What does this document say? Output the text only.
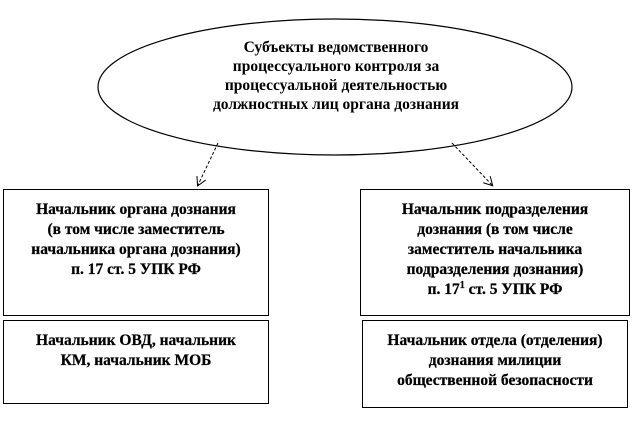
Субъекты ведомственного
процессуального контроля за
процессуальной деятельностью
должностных лиц органа дознания
Начальник органа дознания
(в том числе заместитель
начальника органа дознания)
п. 17 ст. 5 УПК РФ
Начальник подразделения
дознания (в том числе
заместитель начальника
подразделения дознания)
п. $17^1$ ст. 5 УПК РФ
Начальник ОВД, начальник
КМ, начальник МОБ
Начальник отдела (отделения)
дознания милиции
общественной безопасности
